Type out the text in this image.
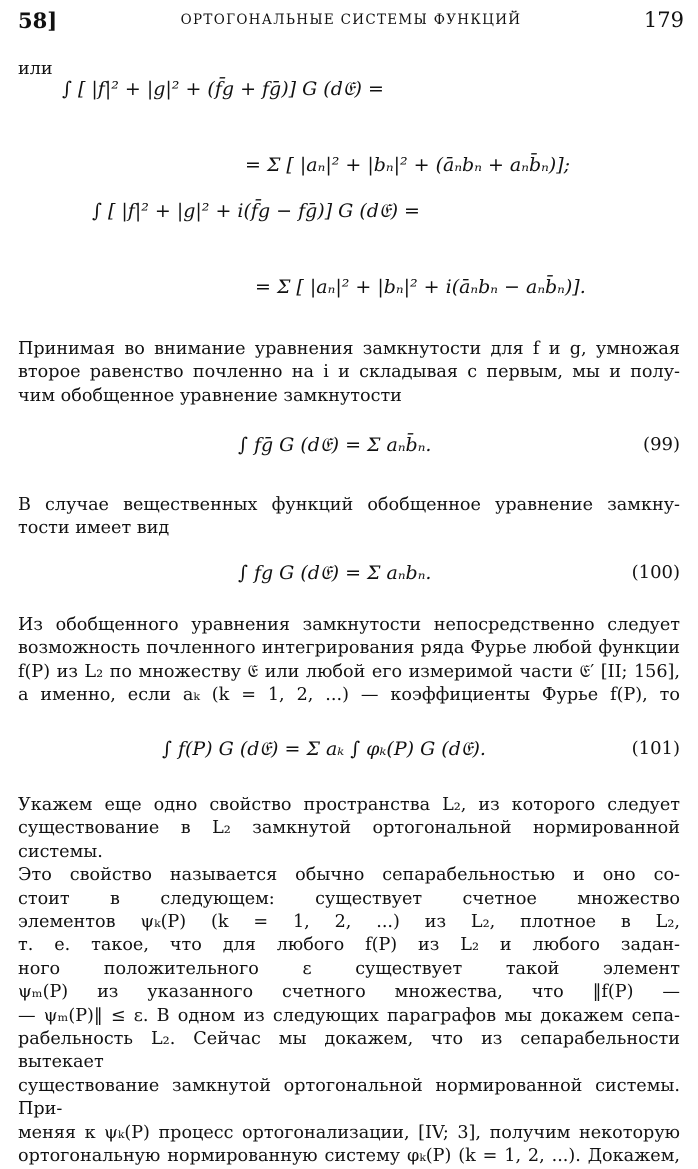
58]	ОРТОГОНАЛЬНЫЕ СИСТЕМЫ ФУНКЦИЙ	179
или
∫ [ |f|² + |g|² + (f̄g + fḡ)] G (d𝔈) =
= Σ [ |aₙ|² + |bₙ|² + (āₙbₙ + aₙb̄ₙ)];
∫ [ |f|² + |g|² + i(f̄g − fḡ)] G (d𝔈) =
= Σ [ |aₙ|² + |bₙ|² + i(āₙbₙ − aₙb̄ₙ)].
Принимая во внимание уравнения замкнутости для f и g, умножая
второе равенство почленно на i и складывая с первым, мы и полу-
чим обобщенное уравнение замкнутости
∫ fḡ G (d𝔈) = Σ aₙb̄ₙ.	(99)
В случае вещественных функций обобщенное уравнение замкну-
тости имеет вид
∫ fg G (d𝔈) = Σ aₙbₙ.	(100)
Из обобщенного уравнения замкнутости непосредственно следует
возможность почленного интегрирования ряда Фурье любой функции
f(P) из L₂ по множеству 𝔈 или любой его измеримой части 𝔈′ [II; 156],
а именно, если aₖ (k = 1, 2, ...) — коэффициенты Фурье f(P), то
∫ f(P) G (d𝔈) = Σ aₖ ∫ φₖ(P) G (d𝔈).	(101)
Укажем еще одно свойство пространства L₂, из которого следует
существование в L₂ замкнутой ортогональной нормированной системы.
Это свойство называется обычно сепарабельностью и оно со-
стоит в следующем: существует счетное множество
элементов ψₖ(P) (k = 1, 2, ...) из L₂, плотное в L₂,
т. е. такое, что для любого f(P) из L₂ и любого задан-
ного положительного ε существует такой элемент
ψₘ(P) из указанного счетного множества, что ‖f(P) —
— ψₘ(P)‖ ≤ ε. В одном из следующих параграфов мы докажем сепа-
рабельность L₂. Сейчас мы докажем, что из сепарабельности вытекает
существование замкнутой ортогональной нормированной системы. При-
меняя к ψₖ(P) процесс ортогонализации, [IV; 3], получим некоторую
ортогональную нормированную систему φₖ(P) (k = 1, 2, ...). Докажем,
